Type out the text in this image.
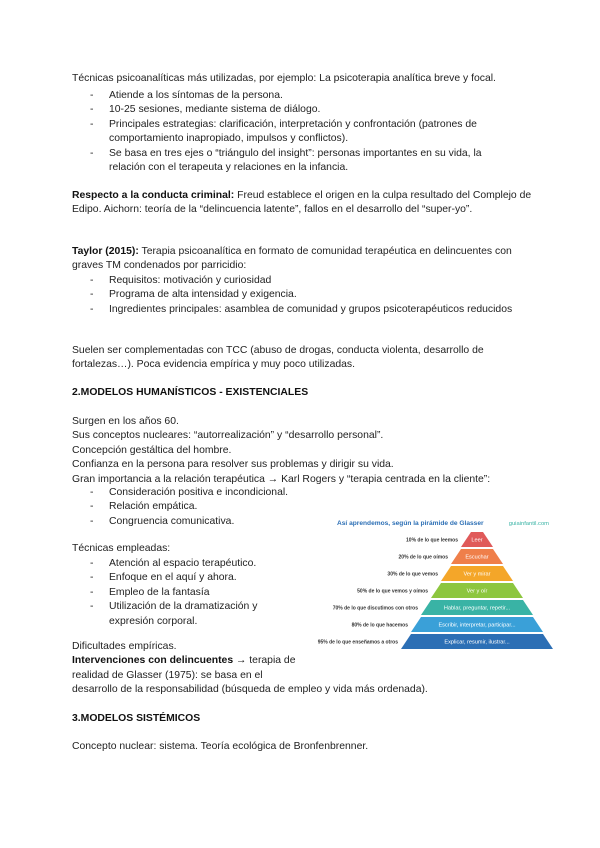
Técnicas psicoanalíticas más utilizadas, por ejemplo: La psicoterapia analítica breve y focal.

- Atiende a los síntomas de la persona.
- 10-25 sesiones, mediante sistema de diálogo.
- Principales estrategias: clarificación, interpretación y confrontación (patrones de comportamiento inapropiado, impulsos y conflictos).
- Se basa en tres ejes o “triángulo del insight”: personas importantes en su vida, la relación con el terapeuta y relaciones en la infancia.

Respecto a la conducta criminal: Freud establece el origen en la culpa resultado del Complejo de Edipo. Aichorn: teoría de la “delincuencia latente”, fallos en el desarrollo del “super-yo”.

Taylor (2015): Terapia psicoanalítica en formato de comunidad terapéutica en delincuentes con graves TM condenados por parricidio:

- Requisitos: motivación y curiosidad
- Programa de alta intensidad y exigencia.
- Ingredientes principales: asamblea de comunidad y grupos psicoterapéuticos reducidos

Suelen ser complementadas con TCC (abuso de drogas, conducta violenta, desarrollo de fortalezas…). Poca evidencia empírica y muy poco utilizadas.

2.MODELOS HUMANÍSTICOS - EXISTENCIALES

Surgen en los años 60.

Sus conceptos nucleares: “autorrealización” y “desarrollo personal”.

Concepción gestáltica del hombre.

Confianza en la persona para resolver sus problemas y dirigir su vida.

Gran importancia a la relación terapéutica → Karl Rogers y “terapia centrada en la cliente”:

- Consideración positiva e incondicional.
- Relación empática.
- Congruencia comunicativa.

Técnicas empleadas:

- Atención al espacio terapéutico.
- Enfoque en el aquí y ahora.
- Empleo de la fantasía
- Utilización de la dramatización y expresión corporal.

Dificultades empíricas.

Intervenciones con delincuentes → terapia de

realidad de Glasser (1975): se basa en el

desarrollo de la responsabilidad (búsqueda de empleo y vida más ordenada).

3.MODELOS SISTÉMICOS

Concepto nuclear: sistema. Teoría ecológica de Bronfenbrenner.

Así aprendemos, según la pirámide de Glasser	guiainfantil.com
Leer
10% de lo que leemos
Escuchar
20% de lo que oímos
Ver y mirar
30% de lo que vemos
Ver y oír
50% de lo que vemos y oímos
Hablar, preguntar, repetir...
70% de lo que discutimos con otros
Escribir, interpretar, participar...
80% de lo que hacemos
Explicar, resumir, ilustrar...
95% de lo que enseñamos a otros
